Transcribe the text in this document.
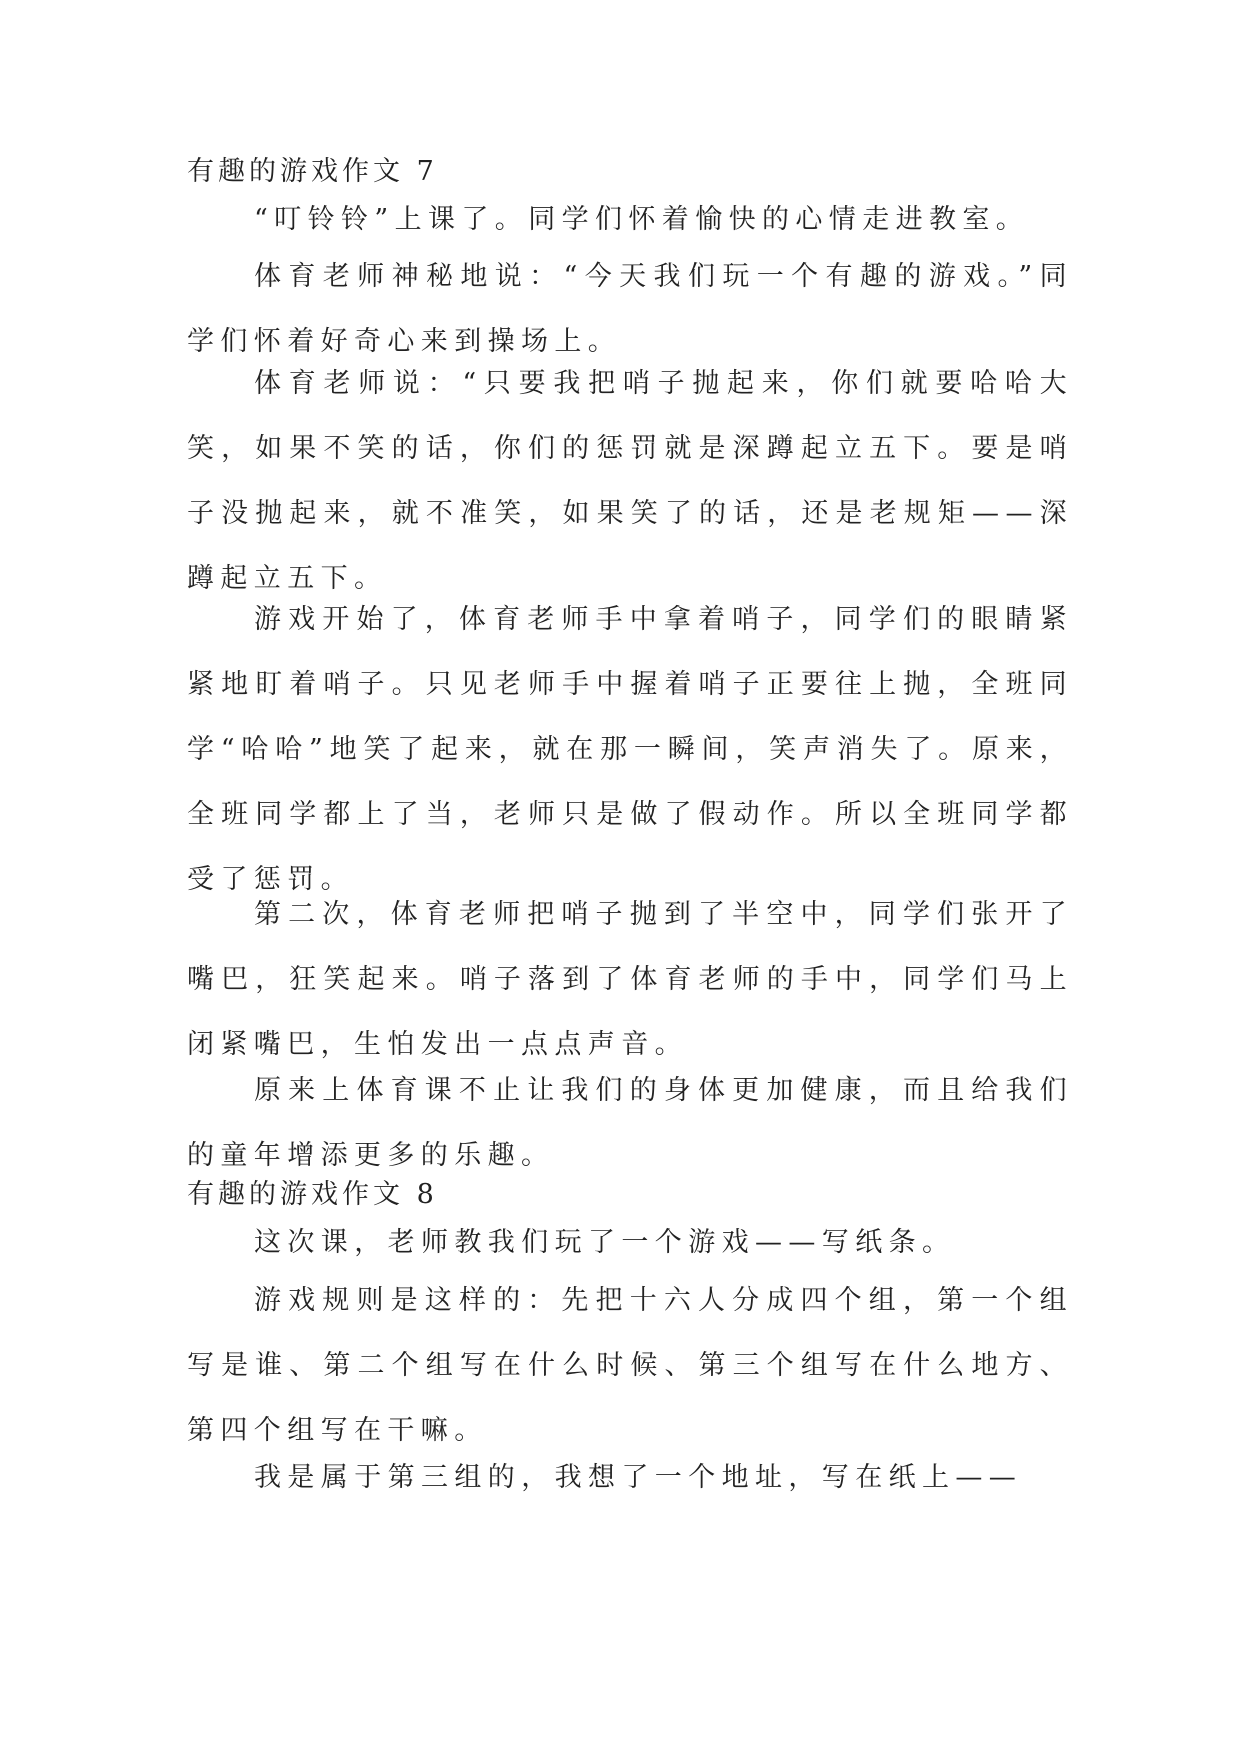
有趣的游戏作文 7

“叮铃铃”上课了。同学们怀着愉快的心情走进教室。

体育老师神秘地说：“今天我们玩一个有趣的游戏。”同学们怀着好奇心来到操场上。

体育老师说：“只要我把哨子抛起来，你们就要哈哈大笑，如果不笑的话，你们的惩罚就是深蹲起立五下。要是哨子没抛起来，就不准笑，如果笑了的话，还是老规矩——深蹲起立五下。

游戏开始了，体育老师手中拿着哨子，同学们的眼睛紧紧地盯着哨子。只见老师手中握着哨子正要往上抛，全班同学“哈哈”地笑了起来，就在那一瞬间，笑声消失了。原来，全班同学都上了当，老师只是做了假动作。所以全班同学都受了惩罚。

第二次，体育老师把哨子抛到了半空中，同学们张开了嘴巴，狂笑起来。哨子落到了体育老师的手中，同学们马上闭紧嘴巴，生怕发出一点点声音。

原来上体育课不止让我们的身体更加健康，而且给我们的童年增添更多的乐趣。

有趣的游戏作文 8

这次课，老师教我们玩了一个游戏——写纸条。

游戏规则是这样的：先把十六人分成四个组，第一个组写是谁、第二个组写在什么时候、第三个组写在什么地方、第四个组写在干嘛。

我是属于第三组的，我想了一个地址，写在纸上——
